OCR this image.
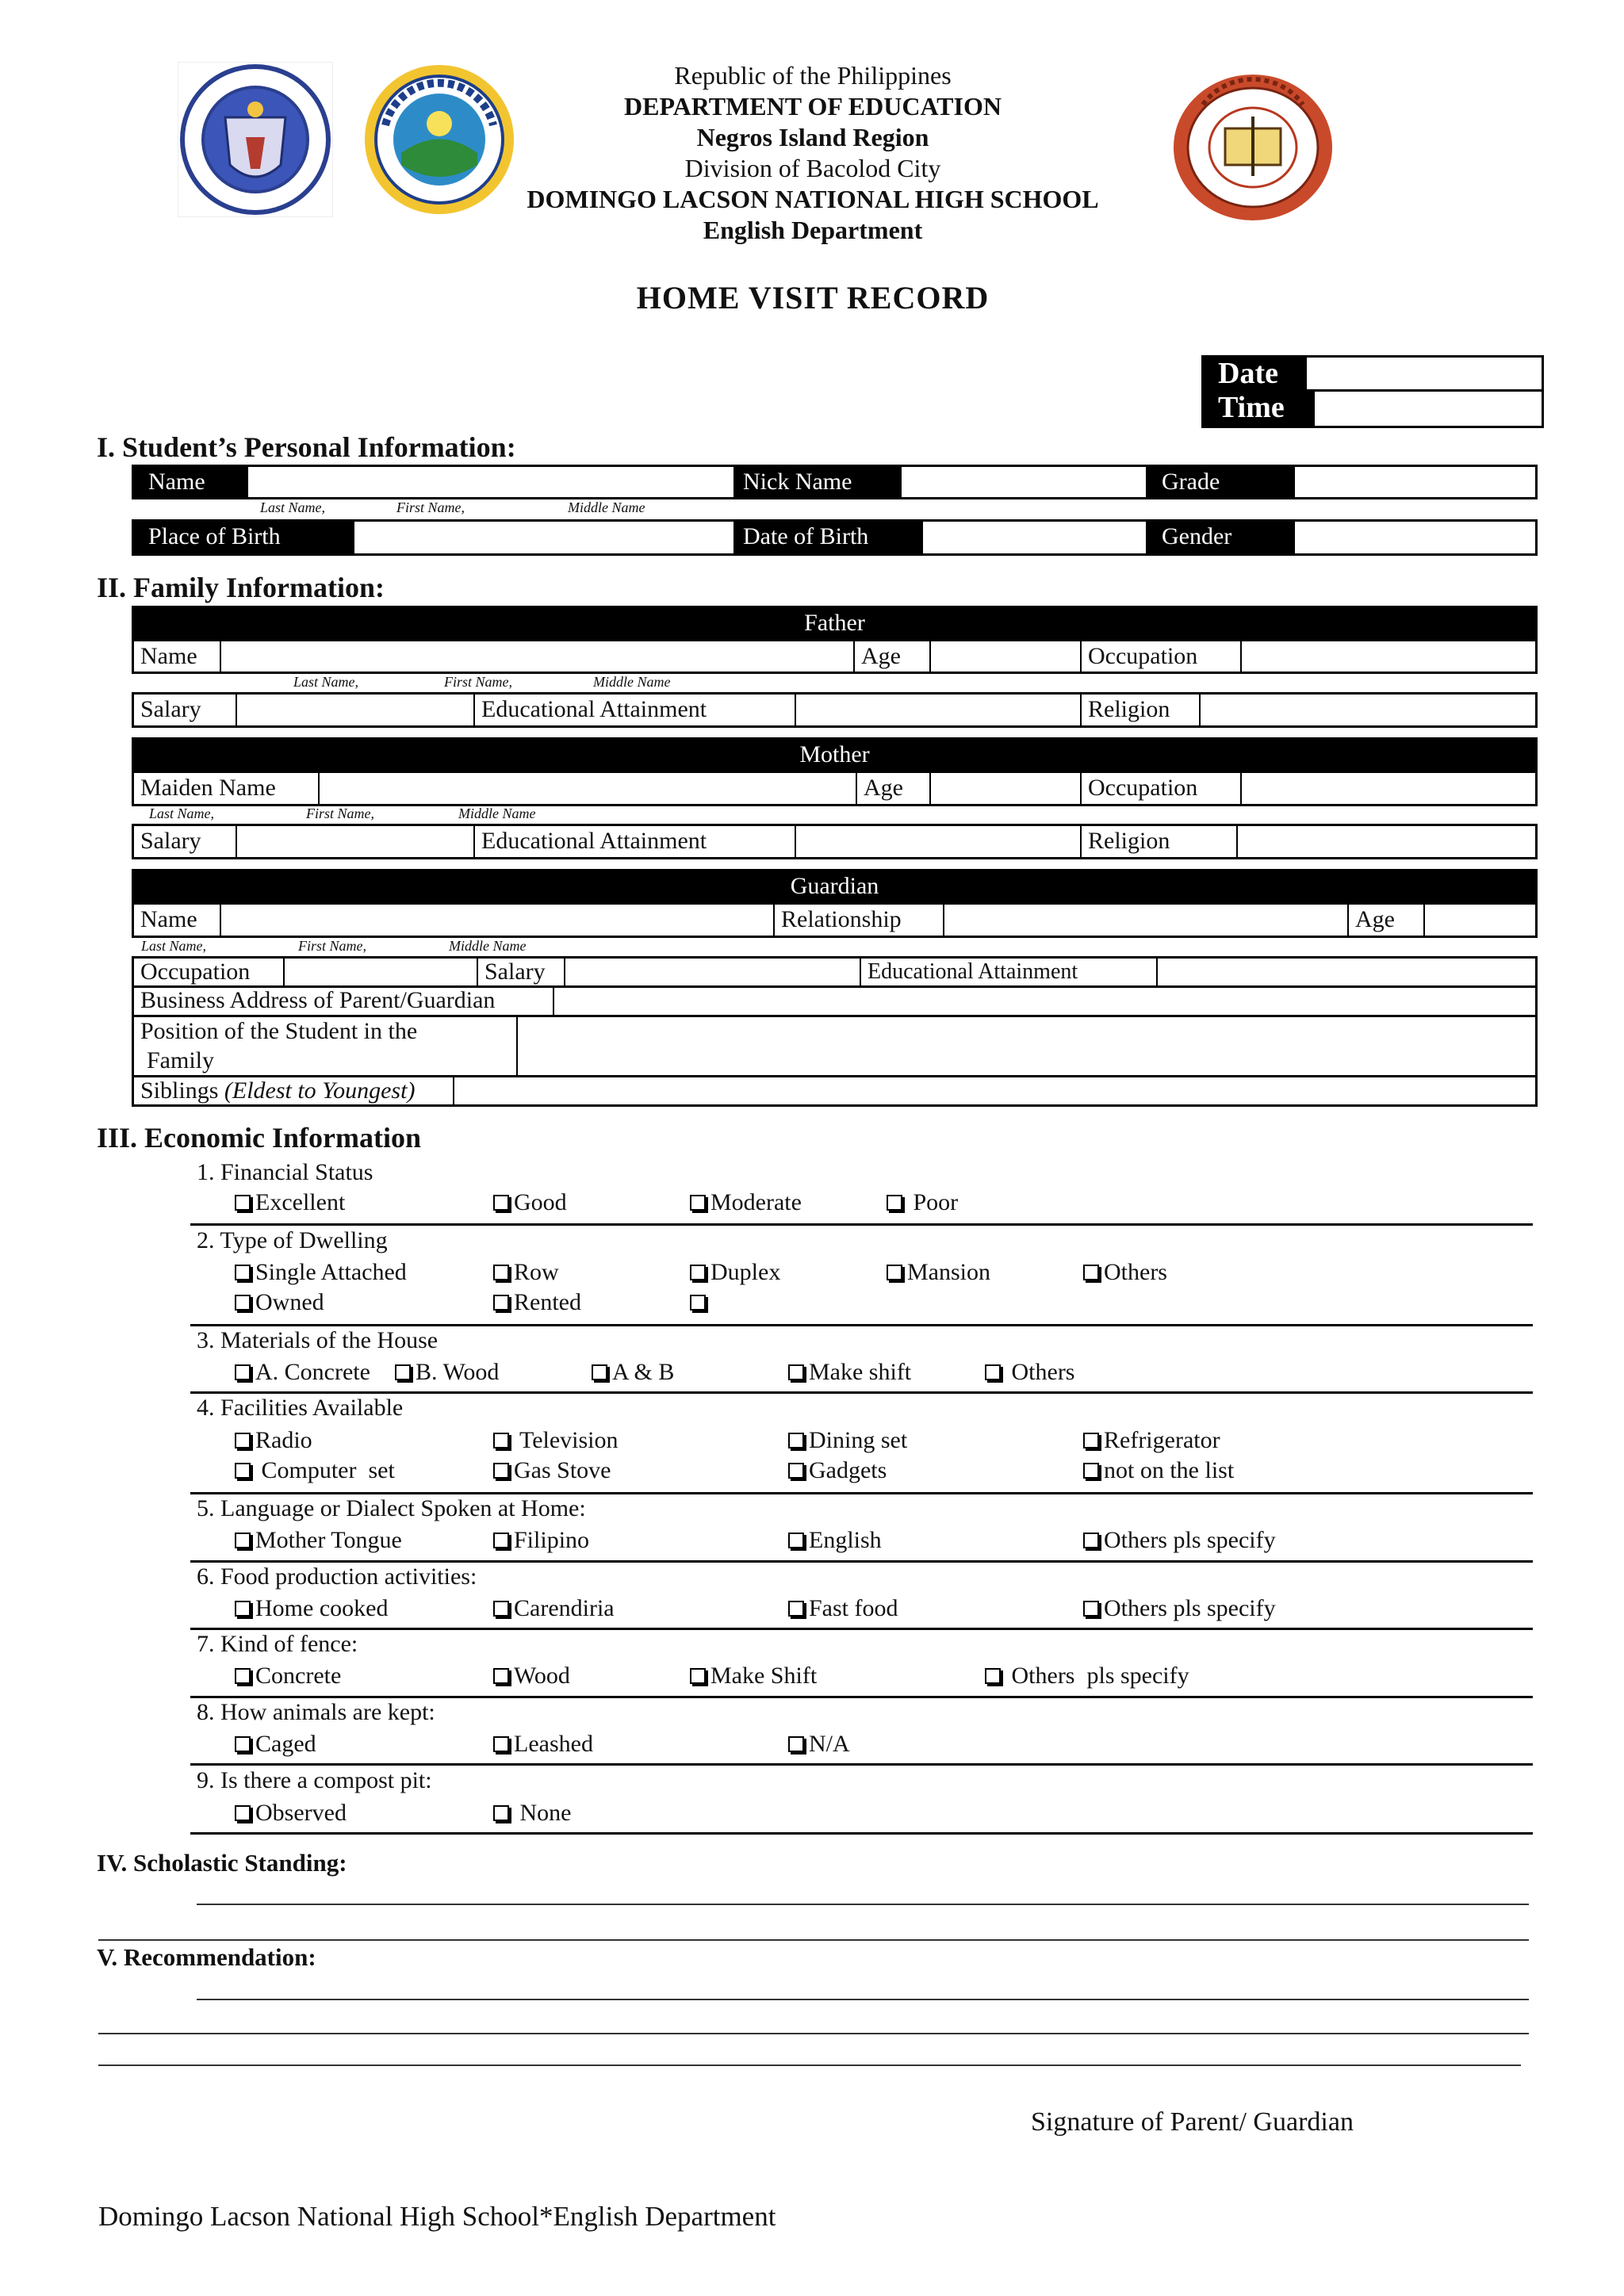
Republic of the Philippines
DEPARTMENT OF EDUCATION
Negros Island Region
Division of Bacolod City
DOMINGO LACSON NATIONAL HIGH SCHOOL
English Department
HOME VISIT RECORD
Date
Time
I. Student’s Personal Information:
Name	Nick Name	Grade
Last Name,	First Name,	Middle Name
Place of Birth	Date of Birth	Gender
II. Family Information:
Father
Name	Age	Occupation
Last Name,	First Name,	Middle Name
Salary	Educational Attainment	Religion
Mother
Maiden Name	Age	Occupation
Last Name,	First Name,	Middle Name
Salary	Educational Attainment	Religion
Guardian
Name	Relationship	Age
Last Name,	First Name,	Middle Name
Occupation	Salary	Educational Attainment
Business Address of Parent/Guardian
Position of the Student in the
Family
Siblings (Eldest to Youngest)
III. Economic Information
1. Financial Status
Excellent	Good	Moderate	Poor
2. Type of Dwelling
Single Attached	Row	Duplex	Mansion	Others
Owned	Rented
3. Materials of the House
A. Concrete	B. Wood	A & B	Make shift	Others
4. Facilities Available
Radio	Television	Dining set	Refrigerator
Computer  set	Gas Stove	Gadgets	not on the list
5. Language or Dialect Spoken at Home:
Mother Tongue	Filipino	English	Others pls specify
6. Food production activities:
Home cooked	Carendiria	Fast food	Others pls specify
7. Kind of fence:
Concrete	Wood	Make Shift	Others  pls specify
8. How animals are kept:
Caged	Leashed	N/A
9. Is there a compost pit:
Observed	None
IV. Scholastic Standing:
V. Recommendation:
Signature of Parent/ Guardian
Domingo Lacson National High School*English Department
